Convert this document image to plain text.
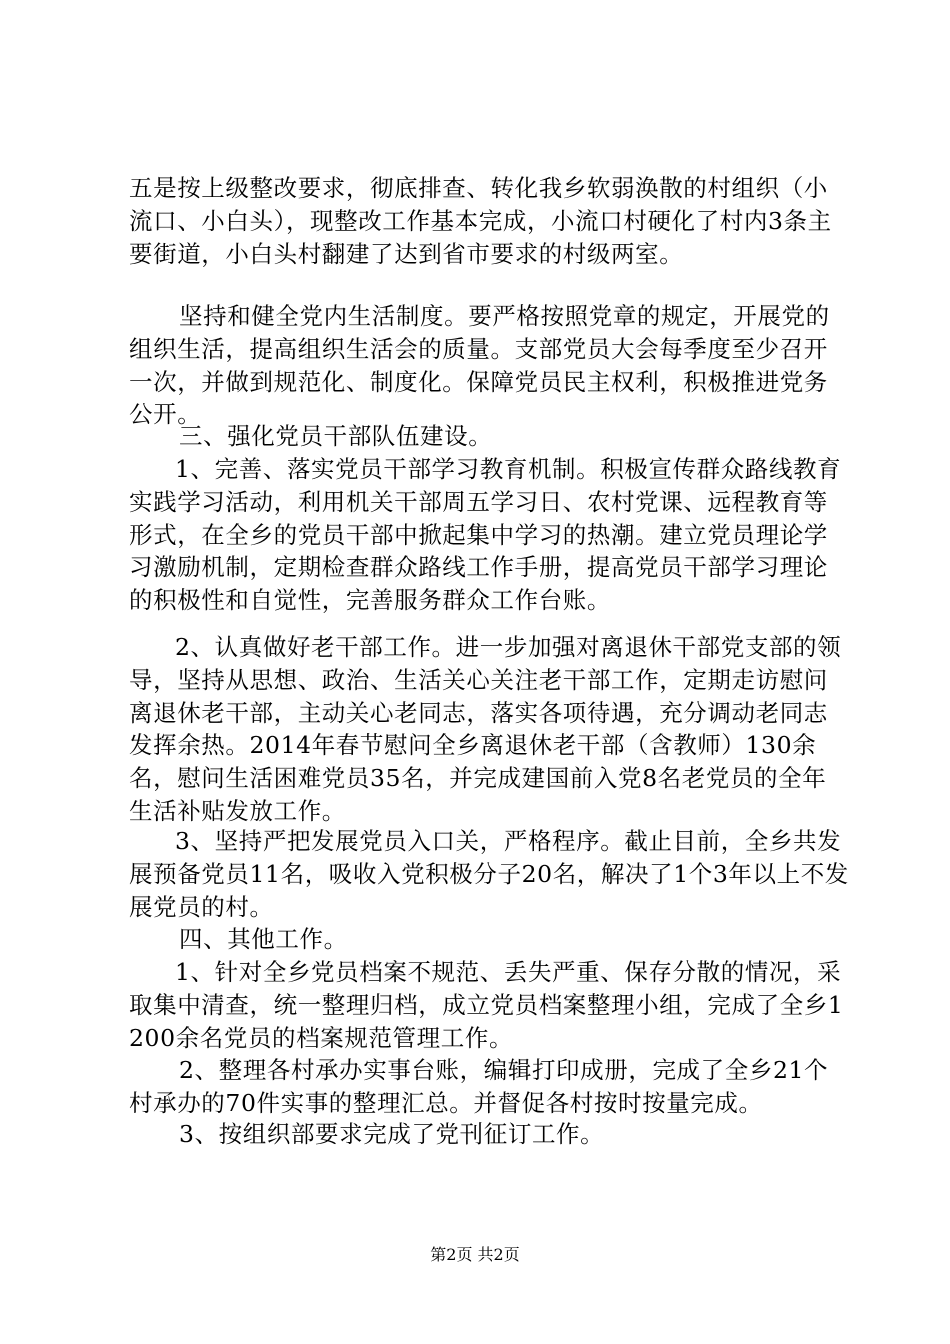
五是按上级整改要求，彻底排查、转化我乡软弱涣散的村组织（小流口、小白头），现整改工作基本完成，小流口村硬化了村内3条主要街道，小白头村翻建了达到省市要求的村级两室。

坚持和健全党内生活制度。要严格按照党章的规定，开展党的组织生活，提高组织生活会的质量。支部党员大会每季度至少召开一次，并做到规范化、制度化。保障党员民主权利，积极推进党务公开。

三、强化党员干部队伍建设。

1、完善、落实党员干部学习教育机制。积极宣传群众路线教育实践学习活动，利用机关干部周五学习日、农村党课、远程教育等形式，在全乡的党员干部中掀起集中学习的热潮。建立党员理论学习激励机制，定期检查群众路线工作手册，提高党员干部学习理论的积极性和自觉性，完善服务群众工作台账。

2、认真做好老干部工作。进一步加强对离退休干部党支部的领导，坚持从思想、政治、生活关心关注老干部工作，定期走访慰问离退休老干部，主动关心老同志，落实各项待遇，充分调动老同志发挥余热。2014年春节慰问全乡离退休老干部（含教师）130余名，慰问生活困难党员35名，并完成建国前入党8名老党员的全年生活补贴发放工作。

3、坚持严把发展党员入口关，严格程序。截止目前，全乡共发展预备党员11名，吸收入党积极分子20名，解决了1个3年以上不发展党员的村。

四、其他工作。

1、针对全乡党员档案不规范、丢失严重、保存分散的情况，采取集中清查，统一整理归档，成立党员档案整理小组，完成了全乡1200余名党员的档案规范管理工作。

2、整理各村承办实事台账，编辑打印成册，完成了全乡21个村承办的70件实事的整理汇总。并督促各村按时按量完成。

3、按组织部要求完成了党刊征订工作。

第2页 共2页
